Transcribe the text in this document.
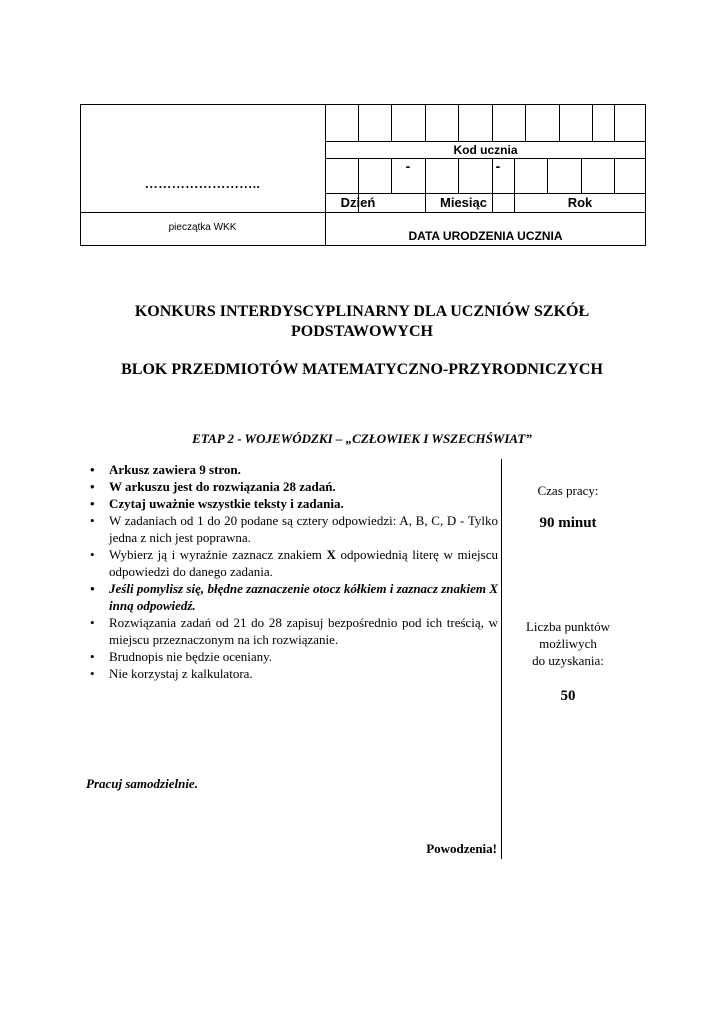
Kod ucznia
-	-
Dzień	Miesiąc	Rok
……………………..
pieczątka WKK
DATA URODZENIA UCZNIA
KONKURS INTERDYSCYPLINARNY DLA UCZNIÓW SZKÓŁ
PODSTAWOWYCH
BLOK PRZEDMIOTÓW MATEMATYCZNO-PRZYRODNICZYCH
ETAP 2 - WOJEWÓDZKI – „CZŁOWIEK I WSZECHŚWIAT”
• Arkusz zawiera 9 stron.
• W arkuszu jest do rozwiązania 28 zadań.
• Czytaj uważnie wszystkie teksty i zadania.
• W zadaniach od 1 do 20 podane są cztery odpowiedzi: A, B, C, D - Tylko jedna z nich jest poprawna.
• Wybierz ją i wyraźnie zaznacz znakiem X odpowiednią literę w miejscu odpowiedzi do danego zadania.
• Jeśli pomylisz się, błędne zaznaczenie otocz kółkiem i zaznacz znakiem X inną odpowiedź.
• Rozwiązania zadań od 21 do 28 zapisuj bezpośrednio pod ich treścią, w miejscu przeznaczonym na ich rozwiązanie.
• Brudnopis nie będzie oceniany.
• Nie korzystaj z kalkulatora.
Czas pracy:
90 minut
Liczba punktów
możliwych
do uzyskania:
50
Pracuj samodzielnie.
Powodzenia!
